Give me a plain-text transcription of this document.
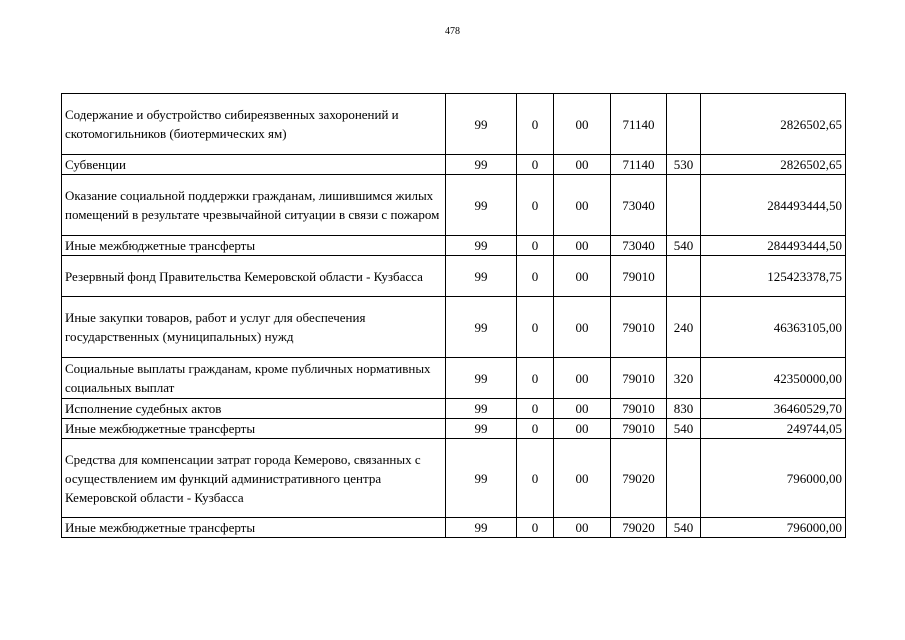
478
Содержание и обустройство сибиреязвенных захоронений и скотомогильников (биотермических ям)	99	0	00	71140		2826502,65
Субвенции	99	0	00	71140	530	2826502,65
Оказание социальной поддержки гражданам, лишившимся жилых помещений в результате чрезвычайной ситуации в связи с пожаром	99	0	00	73040		284493444,50
Иные межбюджетные трансферты	99	0	00	73040	540	284493444,50
Резервный фонд Правительства Кемеровской области - Кузбасса	99	0	00	79010		125423378,75
Иные закупки товаров, работ и услуг для обеспечения государственных (муниципальных) нужд	99	0	00	79010	240	46363105,00
Социальные выплаты гражданам, кроме публичных нормативных социальных выплат	99	0	00	79010	320	42350000,00
Исполнение судебных актов	99	0	00	79010	830	36460529,70
Иные межбюджетные трансферты	99	0	00	79010	540	249744,05
Средства для компенсации затрат города Кемерово, связанных с осуществлением им функций административного центра Кемеровской области - Кузбасса	99	0	00	79020		796000,00
Иные межбюджетные трансферты	99	0	00	79020	540	796000,00
